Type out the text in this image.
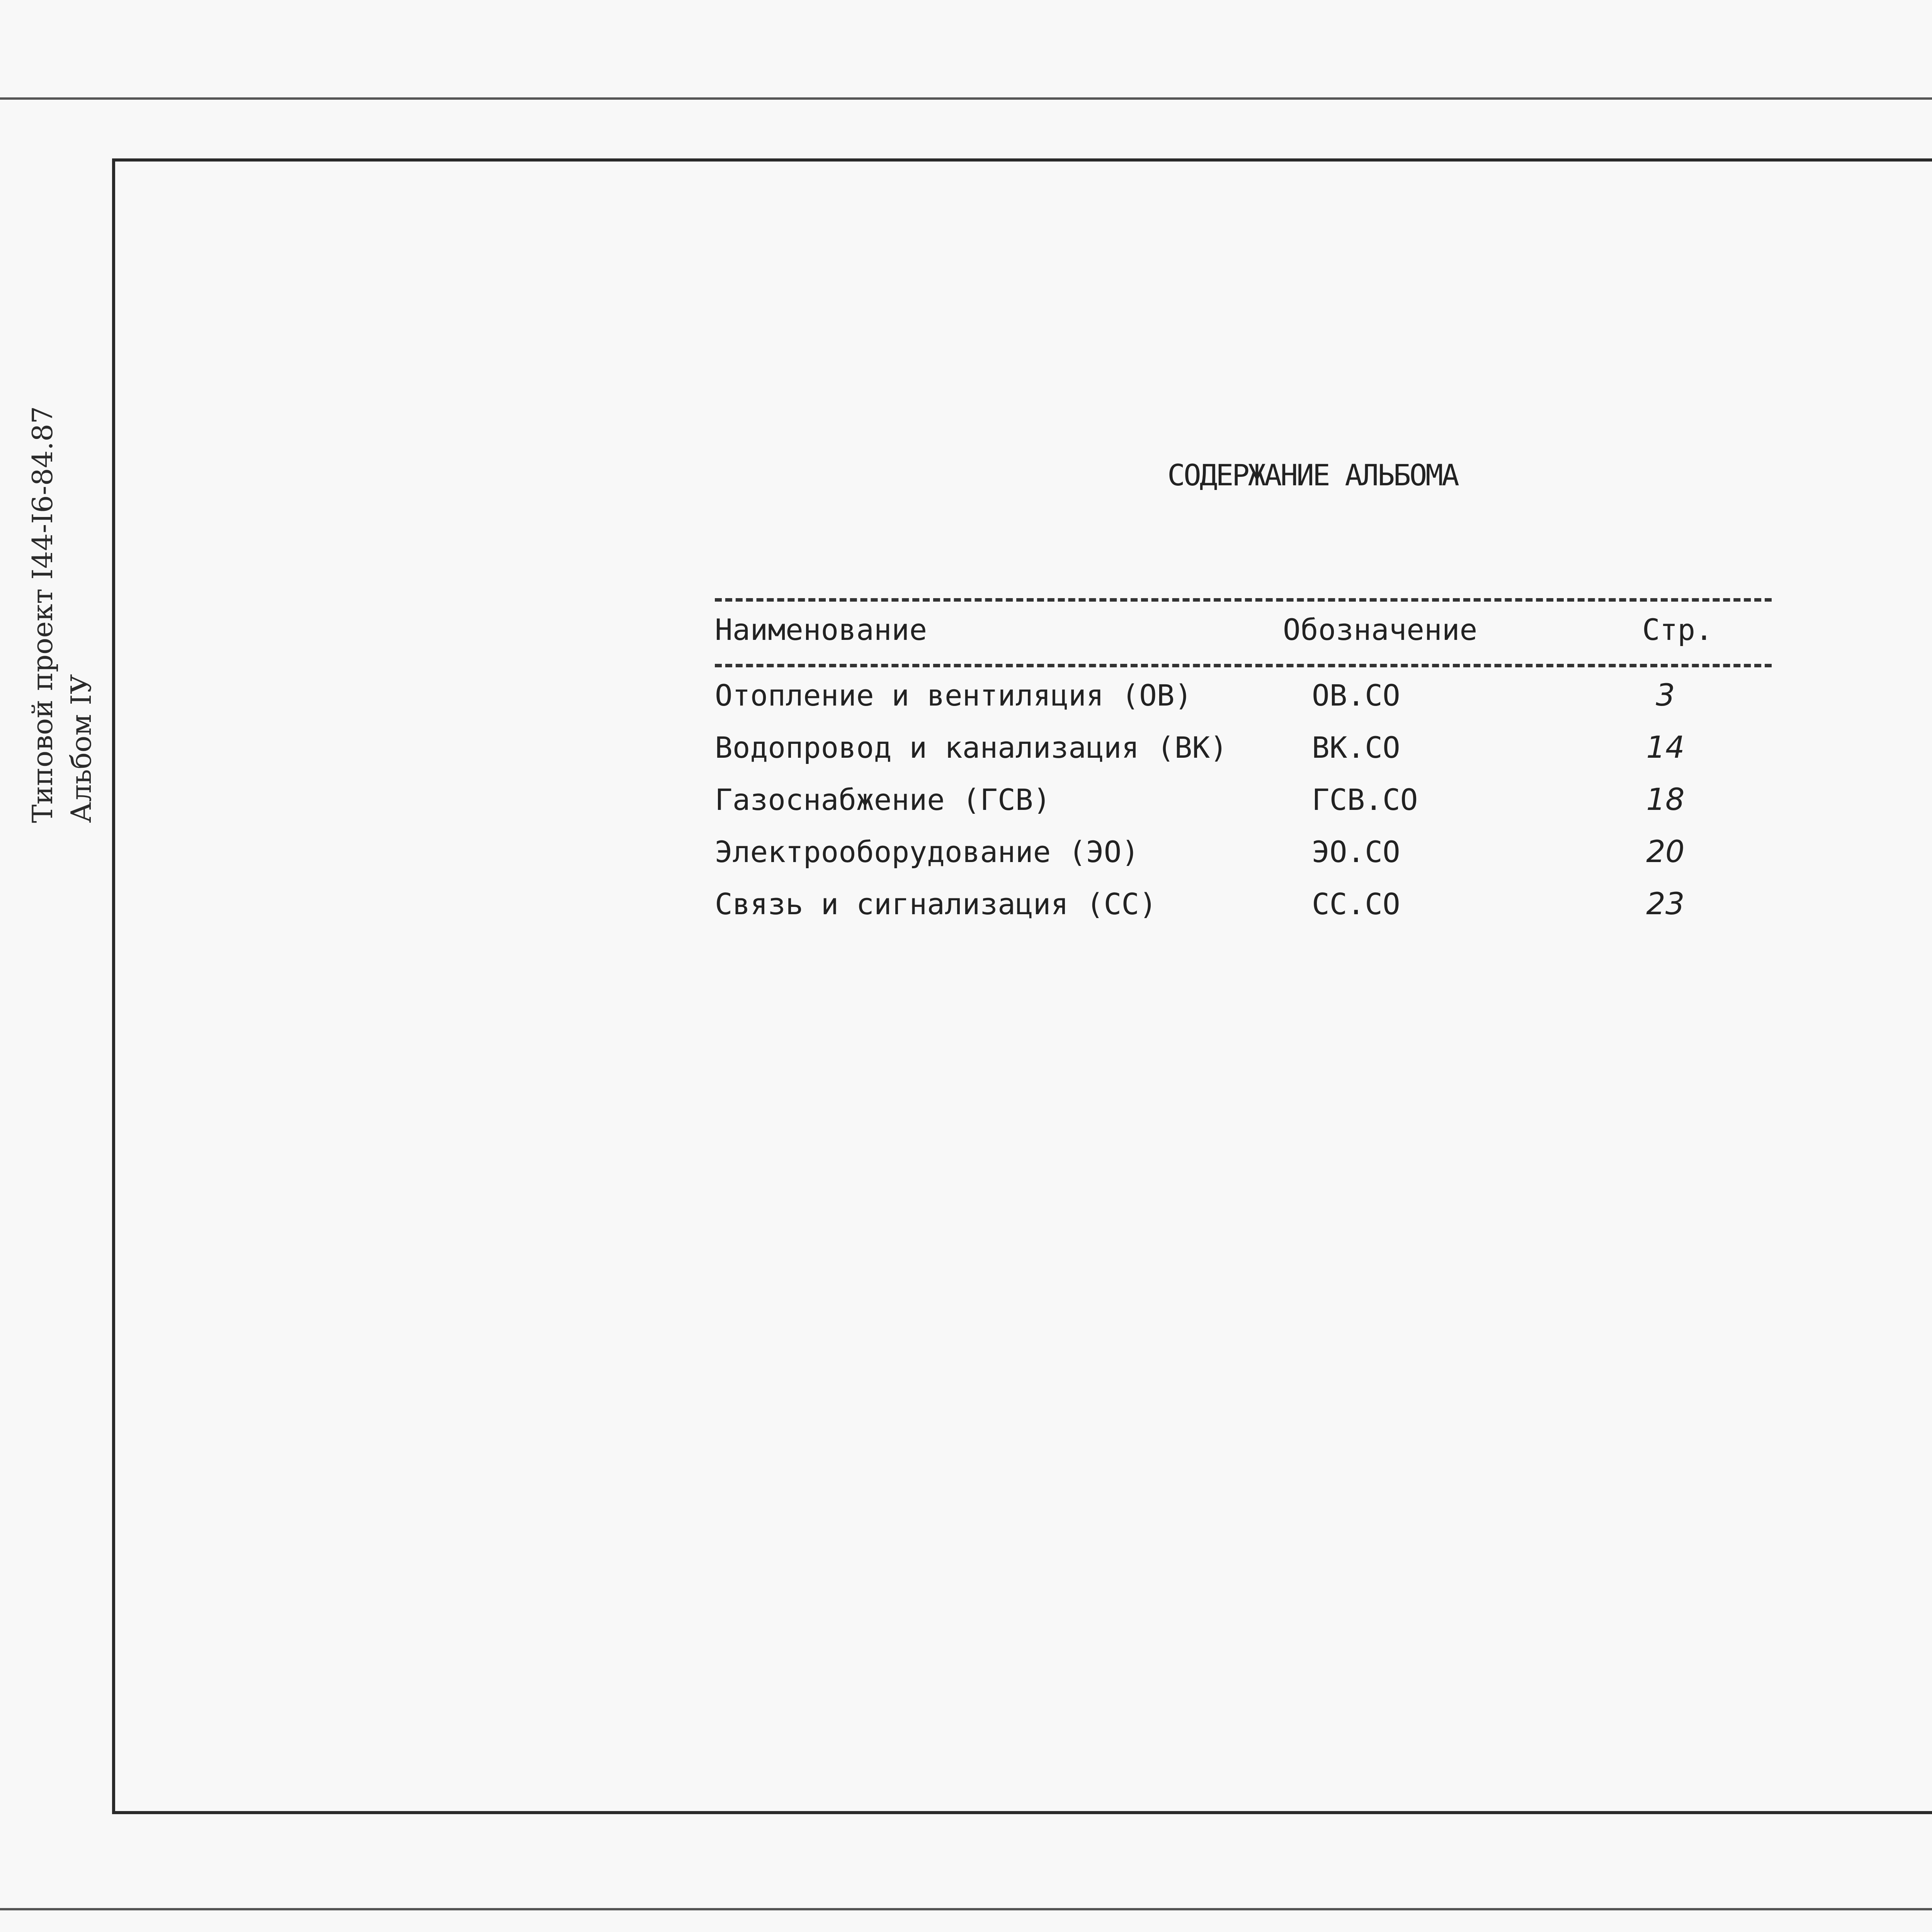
Типовой проект I44-I6-84.87 Альбом IУ
СОДЕРЖАНИЕ АЛЬБОМА
Наименование	Обозначение	Стр.
Отопление и вентиляция (ОВ)	ОВ.СО	3
Водопровод и канализация (ВК)	ВК.СО	14
Газоснабжение (ГСВ)	ГСВ.СО	18
Электрооборудование (ЭО)	ЭО.СО	20
Связь и сигнализация (СС)	СС.СО	23
